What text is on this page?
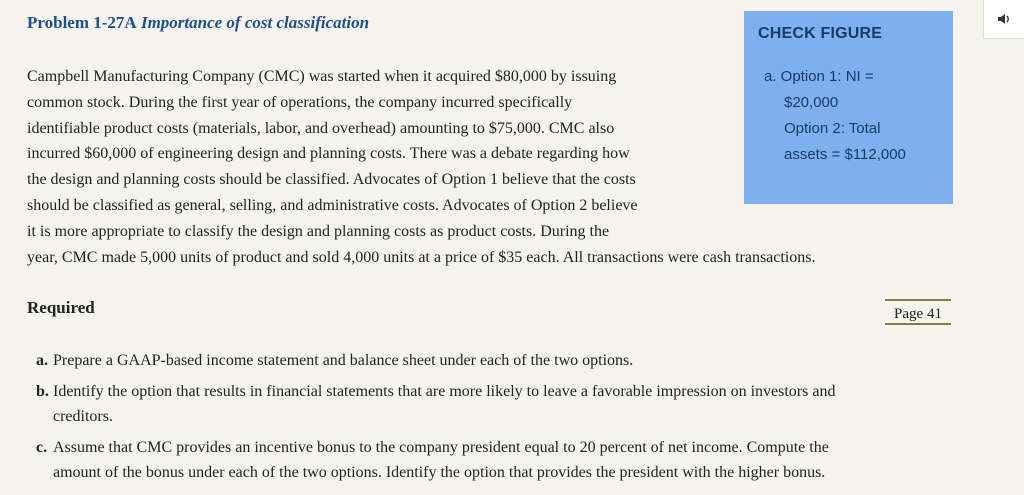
Problem 1-27A Importance of cost classification
Campbell Manufacturing Company (CMC) was started when it acquired $80,000 by issuing
common stock. During the first year of operations, the company incurred specifically
identifiable product costs (materials, labor, and overhead) amounting to $75,000. CMC also
incurred $60,000 of engineering design and planning costs. There was a debate regarding how
the design and planning costs should be classified. Advocates of Option 1 believe that the costs
should be classified as general, selling, and administrative costs. Advocates of Option 2 believe
it is more appropriate to classify the design and planning costs as product costs. During the
year, CMC made 5,000 units of product and sold 4,000 units at a price of $35 each. All transactions were cash transactions.
CHECK FIGURE
a. Option 1: NI =
$20,000
Option 2: Total
assets = $112,000
Required	Page 41
a. Prepare a GAAP-based income statement and balance sheet under each of the two options.
b. Identify the option that results in financial statements that are more likely to leave a favorable impression on investors and
creditors.
c. Assume that CMC provides an incentive bonus to the company president equal to 20 percent of net income. Compute the
amount of the bonus under each of the two options. Identify the option that provides the president with the higher bonus.
